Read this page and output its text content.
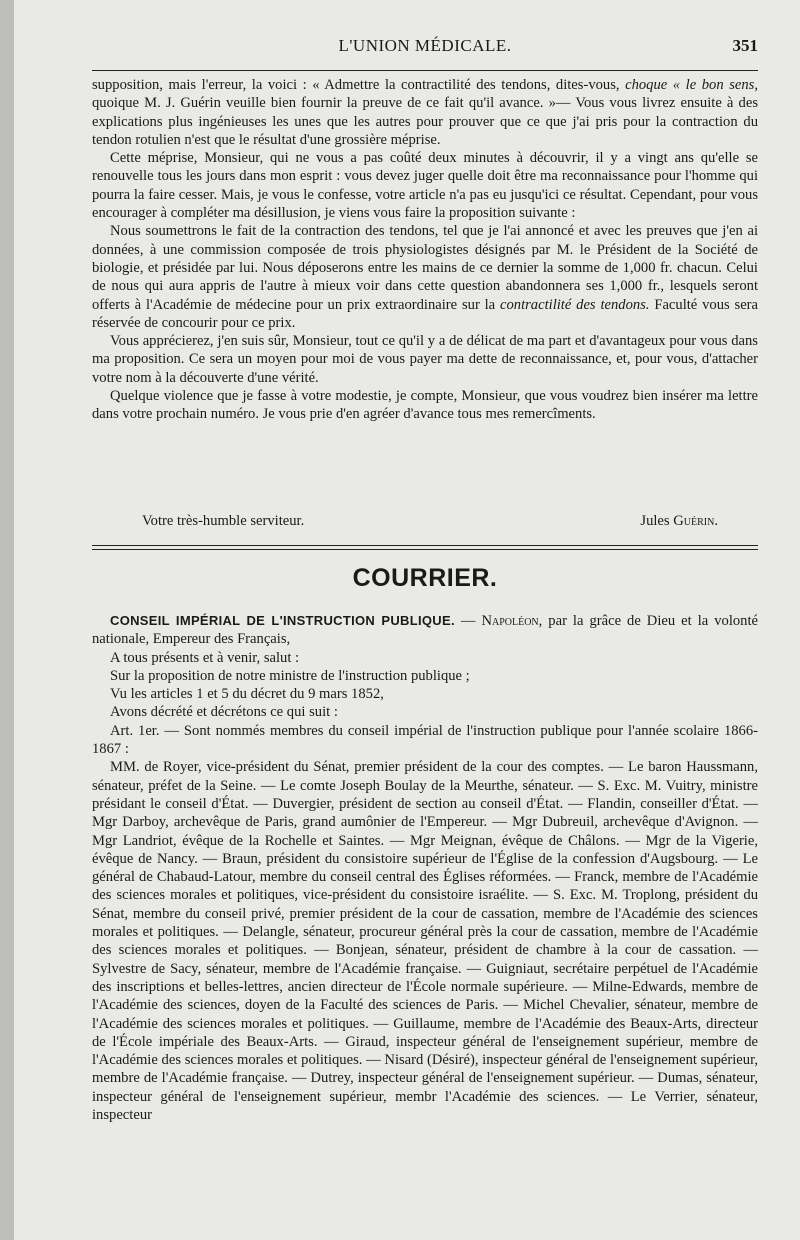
L'UNION MÉDICALE.	351

supposition, mais l'erreur, la voici : « Admettre la contractilité des tendons, dites-vous, choque « le bon sens, quoique M. J. Guérin veuille bien fournir la preuve de ce fait qu'il avance. »— Vous vous livrez ensuite à des explications plus ingénieuses les unes que les autres pour prouver que ce que j'ai pris pour la contraction du tendon rotulien n'est que le résultat d'une grossière méprise.

Cette méprise, Monsieur, qui ne vous a pas coûté deux minutes à découvrir, il y a vingt ans qu'elle se renouvelle tous les jours dans mon esprit : vous devez juger quelle doit être ma reconnaissance pour l'homme qui pourra la faire cesser. Mais, je vous le confesse, votre article n'a pas eu jusqu'ici ce résultat. Cependant, pour vous encourager à compléter ma désillusion, je viens vous faire la proposition suivante :

Nous soumettrons le fait de la contraction des tendons, tel que je l'ai annoncé et avec les preuves que j'en ai données, à une commission composée de trois physiologistes désignés par M. le Président de la Société de biologie, et présidée par lui. Nous déposerons entre les mains de ce dernier la somme de 1,000 fr. chacun. Celui de nous qui aura appris de l'autre à mieux voir dans cette question abandonnera ses 1,000 fr., lesquels seront offerts à l'Académie de médecine pour un prix extraordinaire sur la contractilité des tendons. Faculté vous sera réservée de concourir pour ce prix.

Vous apprécierez, j'en suis sûr, Monsieur, tout ce qu'il y a de délicat de ma part et d'avantageux pour vous dans ma proposition. Ce sera un moyen pour moi de vous payer ma dette de reconnaissance, et, pour vous, d'attacher votre nom à la découverte d'une vérité.

Quelque violence que je fasse à votre modestie, je compte, Monsieur, que vous voudrez bien insérer ma lettre dans votre prochain numéro. Je vous prie d'en agréer d'avance tous mes remercîments.

Votre très-humble serviteur.	Jules Guérin.
COURRIER.

CONSEIL IMPÉRIAL DE L'INSTRUCTION PUBLIQUE. — Napoléon, par la grâce de Dieu et la volonté nationale, Empereur des Français,

A tous présents et à venir, salut :

Sur la proposition de notre ministre de l'instruction publique ;

Vu les articles 1 et 5 du décret du 9 mars 1852,

Avons décrété et décrétons ce qui suit :

Art. 1er. — Sont nommés membres du conseil impérial de l'instruction publique pour l'année scolaire 1866-1867 :

MM. de Royer, vice-président du Sénat, premier président de la cour des comptes. — Le baron Haussmann, sénateur, préfet de la Seine. — Le comte Joseph Boulay de la Meurthe, sénateur. — S. Exc. M. Vuitry, ministre présidant le conseil d'État. — Duvergier, président de section au conseil d'État. — Flandin, conseiller d'État. — Mgr Darboy, archevêque de Paris, grand aumônier de l'Empereur. — Mgr Dubreuil, archevêque d'Avignon. — Mgr Landriot, évêque de la Rochelle et Saintes. — Mgr Meignan, évêque de Châlons. — Mgr de la Vigerie, évêque de Nancy. — Braun, président du consistoire supérieur de l'Église de la confession d'Augsbourg. — Le général de Chabaud-Latour, membre du conseil central des Églises réformées. — Franck, membre de l'Académie des sciences morales et politiques, vice-président du consistoire israélite. — S. Exc. M. Troplong, président du Sénat, membre du conseil privé, premier président de la cour de cassation, membre de l'Académie des sciences morales et politiques. — Delangle, sénateur, procureur général près la cour de cassation, membre de l'Académie des sciences morales et politiques. — Bonjean, sénateur, président de chambre à la cour de cassation. — Sylvestre de Sacy, sénateur, membre de l'Académie française. — Guigniaut, secrétaire perpétuel de l'Académie des inscriptions et belles-lettres, ancien directeur de l'École normale supérieure. — Milne-Edwards, membre de l'Académie des sciences, doyen de la Faculté des sciences de Paris. — Michel Chevalier, sénateur, membre de l'Académie des sciences morales et politiques. — Guillaume, membre de l'Académie des Beaux-Arts, directeur de l'École impériale des Beaux-Arts. — Giraud, inspecteur général de l'enseignement supérieur, membre de l'Académie des sciences morales et politiques. — Nisard (Désiré), inspecteur général de l'enseignement supérieur, membre de l'Académie française. — Dutrey, inspecteur général de l'enseignement supérieur. — Dumas, sénateur, inspecteur général de l'enseignement supérieur, membr l'Académie des sciences. — Le Verrier, sénateur, inspecteur
